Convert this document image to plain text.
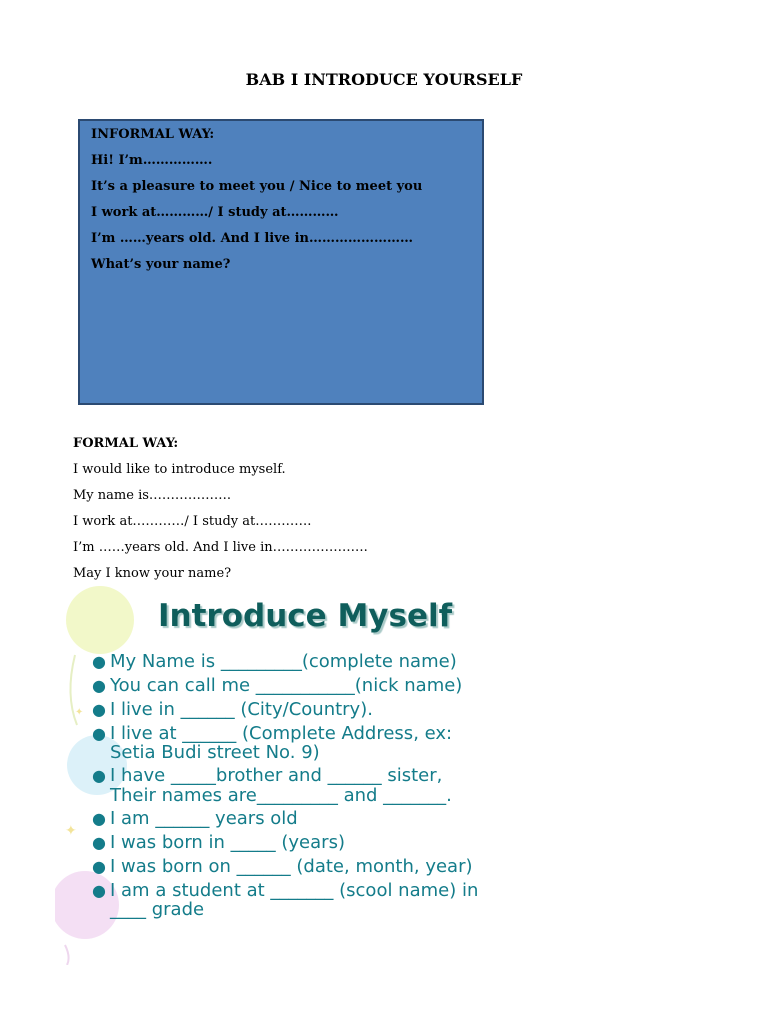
BAB I INTRODUCE YOURSELF
INFORMAL WAY:
Hi! I’m…………….
It’s a pleasure to meet you / Nice to meet you
I work at…………/ I study at…………
I’m ……years old. And I live in……………………
What’s your name?
FORMAL WAY:
I would like to introduce myself.
My name is……………….
I work at…………/ I study at………….
I’m ……years old. And I live in………………….
May I know your name?
✦
✦
Introduce Myself
● My Name is _________(complete name)
● You can call me ___________(nick name)
● I live in ______ (City/Country).
● I live at ______ (Complete Address, ex:
Setia Budi street No. 9)
● I have _____brother and ______ sister,
Their names are_________ and _______.
● I am ______ years old
● I was born in _____ (years)
● I was born on ______ (date, month, year)
● I am a student at _______ (scool name) in
____ grade
